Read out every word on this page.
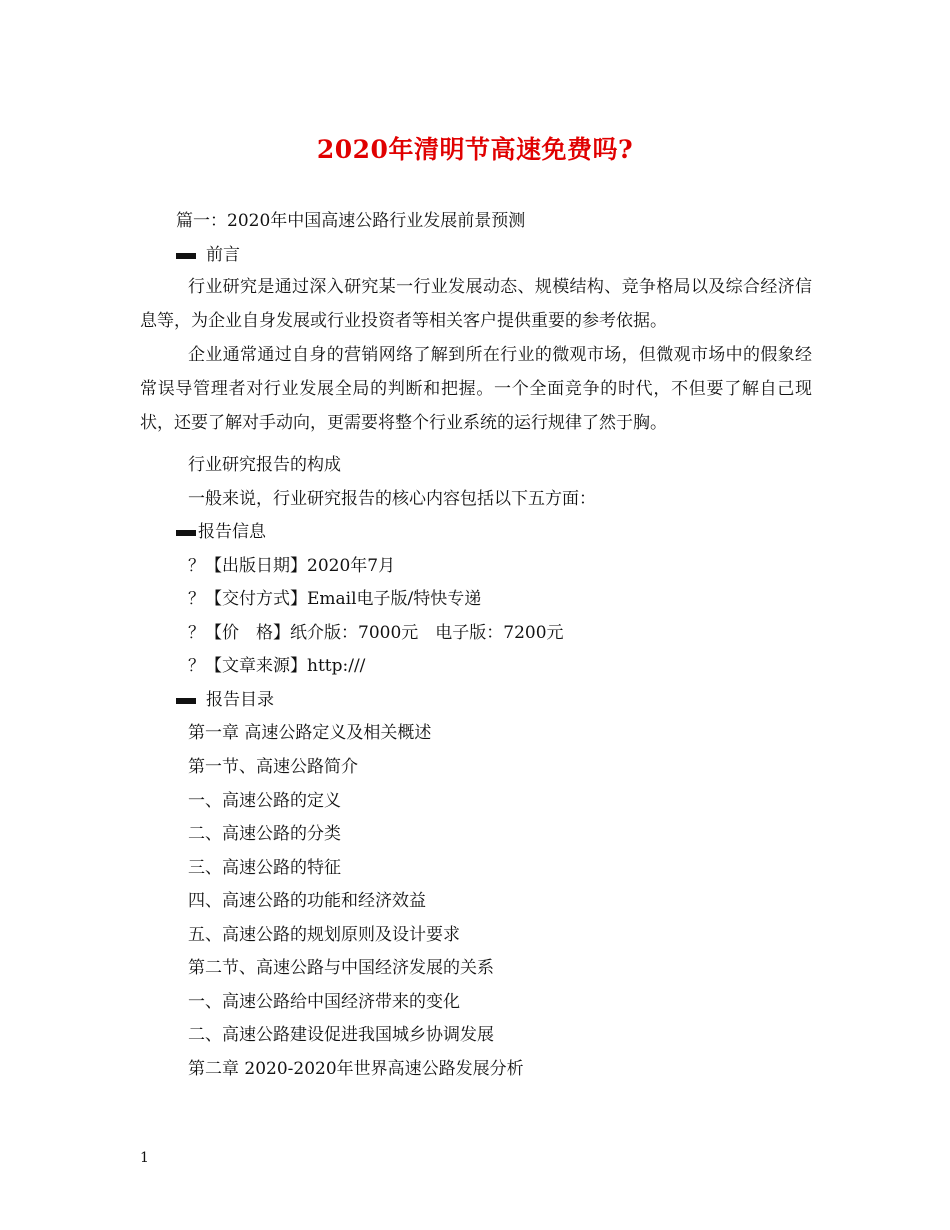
2020年清明节高速免费吗?
篇一：2020年中国高速公路行业发展前景预测
前言
行业研究是通过深入研究某一行业发展动态、规模结构、竞争格局以及综合经济信息等，为企业自身发展或行业投资者等相关客户提供重要的参考依据。
企业通常通过自身的营销网络了解到所在行业的微观市场，但微观市场中的假象经常误导管理者对行业发展全局的判断和把握。一个全面竞争的时代，不但要了解自己现状，还要了解对手动向，更需要将整个行业系统的运行规律了然于胸。
行业研究报告的构成
一般来说，行业研究报告的核心内容包括以下五方面：
报告信息
？【出版日期】2020年7月
？【交付方式】Email电子版/特快专递
？【价　格】纸介版：7000元　电子版：7200元
？【文章来源】http:///
报告目录
第一章 高速公路定义及相关概述
第一节、高速公路简介
一、高速公路的定义
二、高速公路的分类
三、高速公路的特征
四、高速公路的功能和经济效益
五、高速公路的规划原则及设计要求
第二节、高速公路与中国经济发展的关系
一、高速公路给中国经济带来的变化
二、高速公路建设促进我国城乡协调发展
第二章 2020-2020年世界高速公路发展分析
1
